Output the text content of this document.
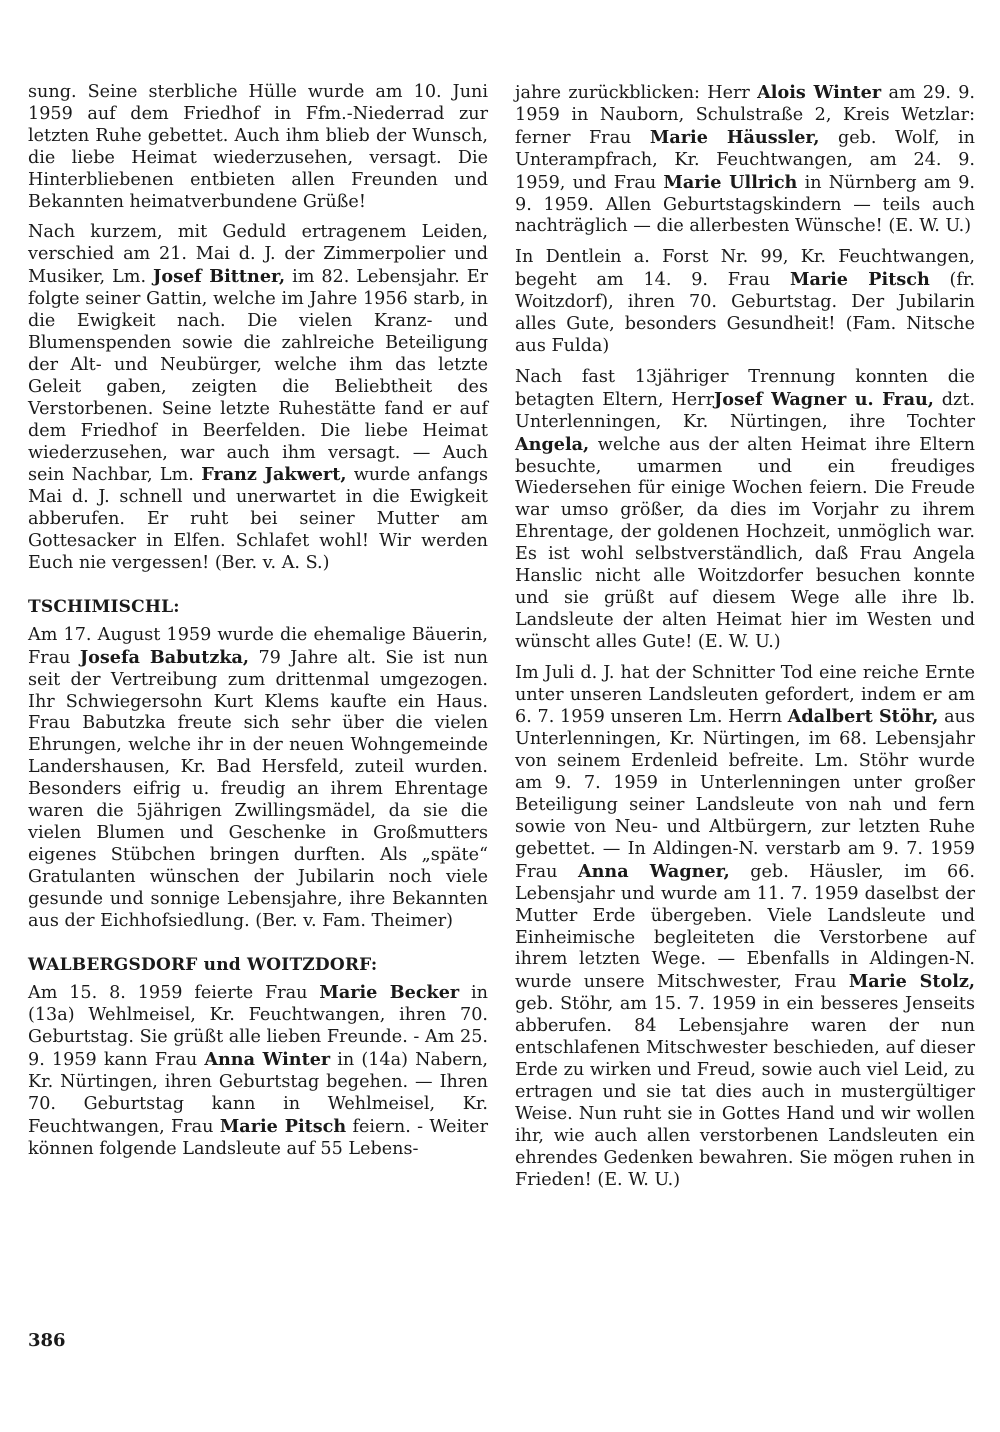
sung. Seine sterbliche Hülle wurde am 10. Juni 1959 auf dem Friedhof in Ffm.-Niederrad zur letzten Ruhe gebettet. Auch ihm blieb der Wunsch, die liebe Heimat wiederzusehen, versagt. Die Hinterbliebenen entbieten allen Freunden und Bekannten heimatverbundene Grüße!

Nach kurzem, mit Geduld ertragenem Leiden, verschied am 21. Mai d. J. der Zimmerpolier und Musiker, Lm. Josef Bittner, im 82. Lebensjahr. Er folgte seiner Gattin, welche im Jahre 1956 starb, in die Ewigkeit nach. Die vielen Kranz- und Blumenspenden sowie die zahlreiche Beteiligung der Alt- und Neubürger, welche ihm das letzte Geleit gaben, zeigten die Beliebtheit des Verstorbenen. Seine letzte Ruhestätte fand er auf dem Friedhof in Beerfelden. Die liebe Heimat wiederzusehen, war auch ihm versagt. — Auch sein Nachbar, Lm. Franz Jakwert, wurde anfangs Mai d. J. schnell und unerwartet in die Ewigkeit abberufen. Er ruht bei seiner Mutter am Gottesacker in Elfen. Schlafet wohl! Wir werden Euch nie vergessen! (Ber. v. A. S.)

TSCHIMISCHL:

Am 17. August 1959 wurde die ehemalige Bäuerin, Frau Josefa Babutzka, 79 Jahre alt. Sie ist nun seit der Vertreibung zum drittenmal umgezogen. Ihr Schwiegersohn Kurt Klems kaufte ein Haus. Frau Babutzka freute sich sehr über die vielen Ehrungen, welche ihr in der neuen Wohngemeinde Landershausen, Kr. Bad Hersfeld, zuteil wurden. Besonders eifrig u. freudig an ihrem Ehrentage waren die 5jährigen Zwillingsmädel, da sie die vielen Blumen und Geschenke in Großmutters eigenes Stübchen bringen durften. Als „späte“ Gratulanten wünschen der Jubilarin noch viele gesunde und sonnige Lebensjahre, ihre Bekannten aus der Eichhofsiedlung. (Ber. v. Fam. Theimer)

WALBERGSDORF und WOITZDORF:

Am 15. 8. 1959 feierte Frau Marie Becker in (13a) Wehlmeisel, Kr. Feuchtwangen, ihren 70. Geburtstag. Sie grüßt alle lieben Freunde. - Am 25. 9. 1959 kann Frau Anna Winter in (14a) Nabern, Kr. Nürtingen, ihren Geburtstag begehen. — Ihren 70. Geburtstag kann in Wehlmeisel, Kr. Feuchtwangen, Frau Marie Pitsch feiern. - Weiter können folgende Landsleute auf 55 Lebens-

jahre zurückblicken: Herr Alois Winter am 29. 9. 1959 in Nauborn, Schulstraße 2, Kreis Wetzlar: ferner Frau Marie Häussler, geb. Wolf, in Unterampfrach, Kr. Feuchtwangen, am 24. 9. 1959, und Frau Marie Ullrich in Nürnberg am 9. 9. 1959. Allen Geburtstagskindern — teils auch nachträglich — die allerbesten Wünsche! (E. W. U.)

In Dentlein a. Forst Nr. 99, Kr. Feuchtwangen, begeht am 14. 9. Frau Marie Pitsch (fr. Woitzdorf), ihren 70. Geburtstag. Der Jubilarin alles Gute, besonders Gesundheit! (Fam. Nitsche aus Fulda)

Nach fast 13jähriger Trennung konnten die betagten Eltern, HerrJosef Wagner u. Frau, dzt. Unterlenningen, Kr. Nürtingen, ihre Tochter Angela, welche aus der alten Heimat ihre Eltern besuchte, umarmen und ein freudiges Wiedersehen für einige Wochen feiern. Die Freude war umso größer, da dies im Vorjahr zu ihrem Ehrentage, der goldenen Hochzeit, unmöglich war. Es ist wohl selbstverständlich, daß Frau Angela Hanslic nicht alle Woitzdorfer besuchen konnte und sie grüßt auf diesem Wege alle ihre lb. Landsleute der alten Heimat hier im Westen und wünscht alles Gute! (E. W. U.)

Im Juli d. J. hat der Schnitter Tod eine reiche Ernte unter unseren Landsleuten gefordert, indem er am 6. 7. 1959 unseren Lm. Herrn Adalbert Stöhr, aus Unterlenningen, Kr. Nürtingen, im 68. Lebensjahr von seinem Erdenleid befreite. Lm. Stöhr wurde am 9. 7. 1959 in Unterlenningen unter großer Beteiligung seiner Landsleute von nah und fern sowie von Neu- und Altbürgern, zur letzten Ruhe gebettet. — In Aldingen-N. verstarb am 9. 7. 1959 Frau Anna Wagner, geb. Häusler, im 66. Lebensjahr und wurde am 11. 7. 1959 daselbst der Mutter Erde übergeben. Viele Landsleute und Einheimische begleiteten die Verstorbene auf ihrem letzten Wege. — Ebenfalls in Aldingen-N. wurde unsere Mitschwester, Frau Marie Stolz, geb. Stöhr, am 15. 7. 1959 in ein besseres Jenseits abberufen. 84 Lebensjahre waren der nun entschlafenen Mitschwester beschieden, auf dieser Erde zu wirken und Freud, sowie auch viel Leid, zu ertragen und sie tat dies auch in mustergültiger Weise. Nun ruht sie in Gottes Hand und wir wollen ihr, wie auch allen verstorbenen Landsleuten ein ehrendes Gedenken bewahren. Sie mögen ruhen in Frieden! (E. W. U.)

386
